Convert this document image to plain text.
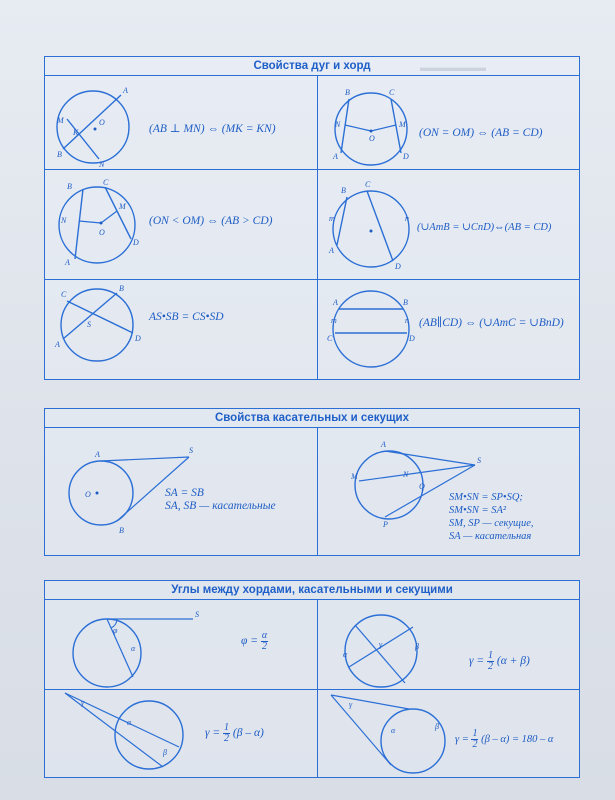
▬▬▬▬▬▬
Свойства дуг и хорд
O
B
A
M
N
K	(AB ⊥ MN) ⇔ (MK = KN)
B	C
A	D
N	M
O	(ON = OM) ⇔ (AB = CD)
B	C
A
D
N
M
O
(ON < OM) ⇔ (AB > CD)
B
C
A
D
m	n
(∪AmB = ∪CnD)⇔(AB = CD)
C
B
A
D
S
AS•SB = CS•SD
A	B
C	D
m	n (AB∥CD) ⇔ (∪AmC = ∪BnD)
Свойства касательных и секущих
A	S
B
O	SA = SB
SA, SB — касательные
A
S
M
Q
P
N
SM•SN = SP•SQ;
SM•SN = SA²
SM, SP — секущие,
SA — касательная
Углы между хордами, касательными и секущими
φ
α
S
$\varphi = \frac{\alpha}{2}$
α
β
γ
$\gamma = \frac{1}{2} (\alpha + \beta)$
γ
α
β
$\gamma = \frac{1}{2} (\beta - \alpha)$
γ
α	β
$\gamma = \frac{1}{2} (\beta - \alpha) = 180 - \alpha$
